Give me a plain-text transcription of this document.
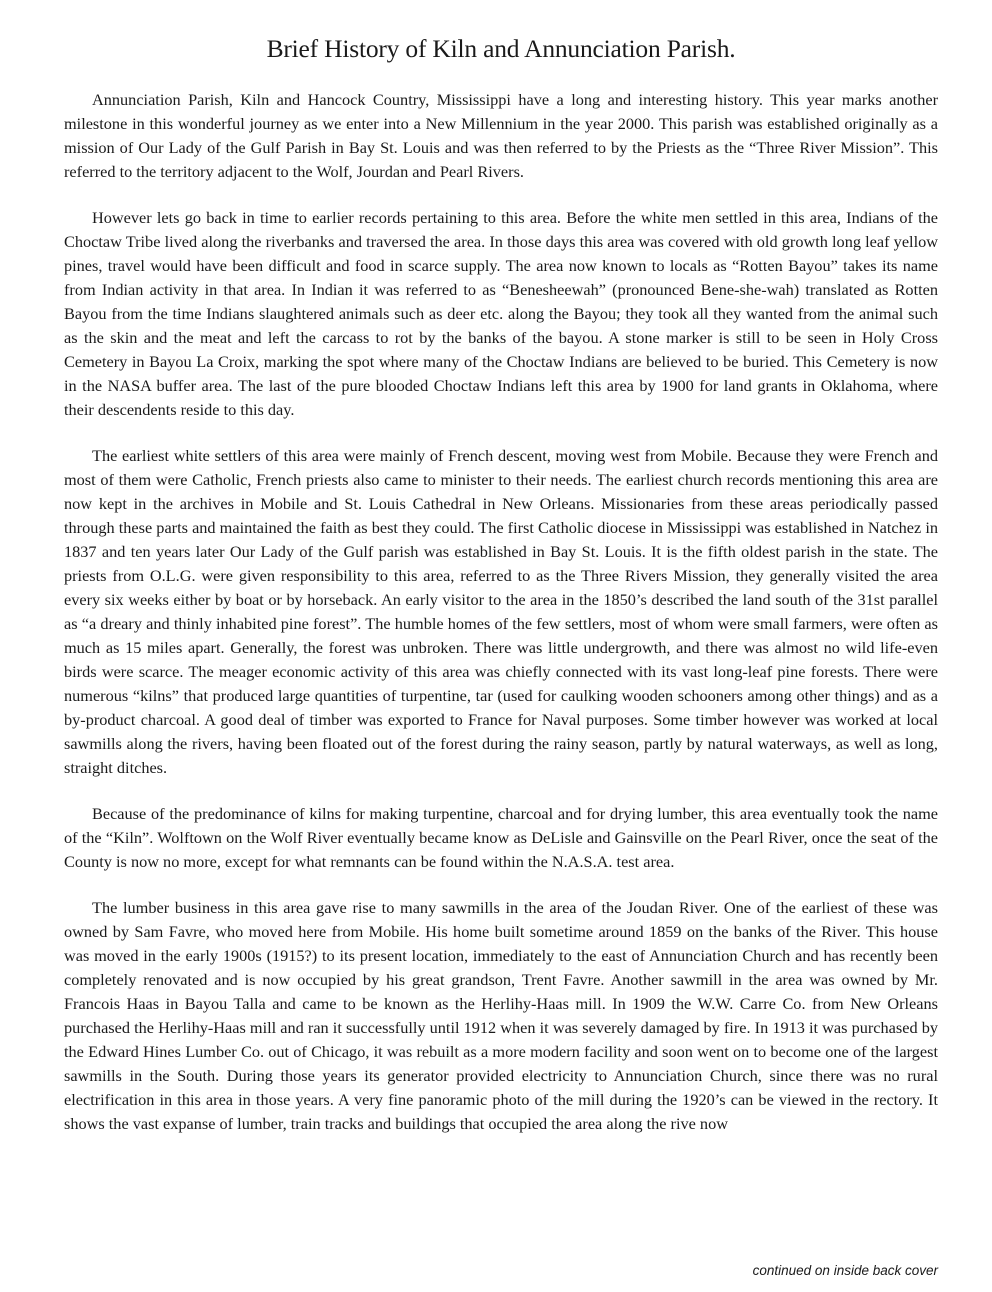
Brief History of Kiln and Annunciation Parish.

Annunciation Parish, Kiln and Hancock Country, Mississippi have a long and interesting history. This year marks another milestone in this wonderful journey as we enter into a New Millennium in the year 2000. This parish was established originally as a mission of Our Lady of the Gulf Parish in Bay St. Louis and was then referred to by the Priests as the “Three River Mission”. This referred to the territory adjacent to the Wolf, Jourdan and Pearl Rivers.

However lets go back in time to earlier records pertaining to this area. Before the white men settled in this area, Indians of the Choctaw Tribe lived along the riverbanks and traversed the area. In those days this area was covered with old growth long leaf yellow pines, travel would have been difficult and food in scarce supply. The area now known to locals as “Rotten Bayou” takes its name from Indian activity in that area. In Indian it was referred to as “Benesheewah” (pronounced Bene-she-wah) translated as Rotten Bayou from the time Indians slaughtered animals such as deer etc. along the Bayou; they took all they wanted from the animal such as the skin and the meat and left the carcass to rot by the banks of the bayou. A stone marker is still to be seen in Holy Cross Cemetery in Bayou La Croix, marking the spot where many of the Choctaw Indians are believed to be buried. This Cemetery is now in the NASA buffer area. The last of the pure blooded Choctaw Indians left this area by 1900 for land grants in Oklahoma, where their descendents reside to this day.

The earliest white settlers of this area were mainly of French descent, moving west from Mobile. Because they were French and most of them were Catholic, French priests also came to minister to their needs. The earliest church records mentioning this area are now kept in the archives in Mobile and St. Louis Cathedral in New Orleans. Missionaries from these areas periodically passed through these parts and maintained the faith as best they could. The first Catholic diocese in Mississippi was established in Natchez in 1837 and ten years later Our Lady of the Gulf parish was established in Bay St. Louis. It is the fifth oldest parish in the state. The priests from O.L.G. were given responsibility to this area, referred to as the Three Rivers Mission, they generally visited the area every six weeks either by boat or by horseback. An early visitor to the area in the 1850’s described the land south of the 31st parallel as “a dreary and thinly inhabited pine forest”. The humble homes of the few settlers, most of whom were small farmers, were often as much as 15 miles apart. Generally, the forest was unbroken. There was little undergrowth, and there was almost no wild life-even birds were scarce. The meager economic activity of this area was chiefly connected with its vast long-leaf pine forests. There were numerous “kilns” that produced large quantities of turpentine, tar (used for caulking wooden schooners among other things) and as a by-product charcoal. A good deal of timber was exported to France for Naval purposes. Some timber however was worked at local sawmills along the rivers, having been floated out of the forest during the rainy season, partly by natural waterways, as well as long, straight ditches.

Because of the predominance of kilns for making turpentine, charcoal and for drying lumber, this area eventually took the name of the “Kiln”. Wolftown on the Wolf River eventually became know as DeLisle and Gainsville on the Pearl River, once the seat of the County is now no more, except for what remnants can be found within the N.A.S.A. test area.

The lumber business in this area gave rise to many sawmills in the area of the Joudan River. One of the earliest of these was owned by Sam Favre, who moved here from Mobile. His home built sometime around 1859 on the banks of the River. This house was moved in the early 1900s (1915?) to its present location, immediately to the east of Annunciation Church and has recently been completely renovated and is now occupied by his great grandson, Trent Favre. Another sawmill in the area was owned by Mr. Francois Haas in Bayou Talla and came to be known as the Herlihy-Haas mill. In 1909 the W.W. Carre Co. from New Orleans purchased the Herlihy-Haas mill and ran it successfully until 1912 when it was severely damaged by fire. In 1913 it was purchased by the Edward Hines Lumber Co. out of Chicago, it was rebuilt as a more modern facility and soon went on to become one of the largest sawmills in the South. During those years its generator provided electricity to Annunciation Church, since there was no rural electrification in this area in those years. A very fine panoramic photo of the mill during the 1920’s can be viewed in the rectory. It shows the vast expanse of lumber, train tracks and buildings that occupied the area along the rive now

continued on inside back cover
